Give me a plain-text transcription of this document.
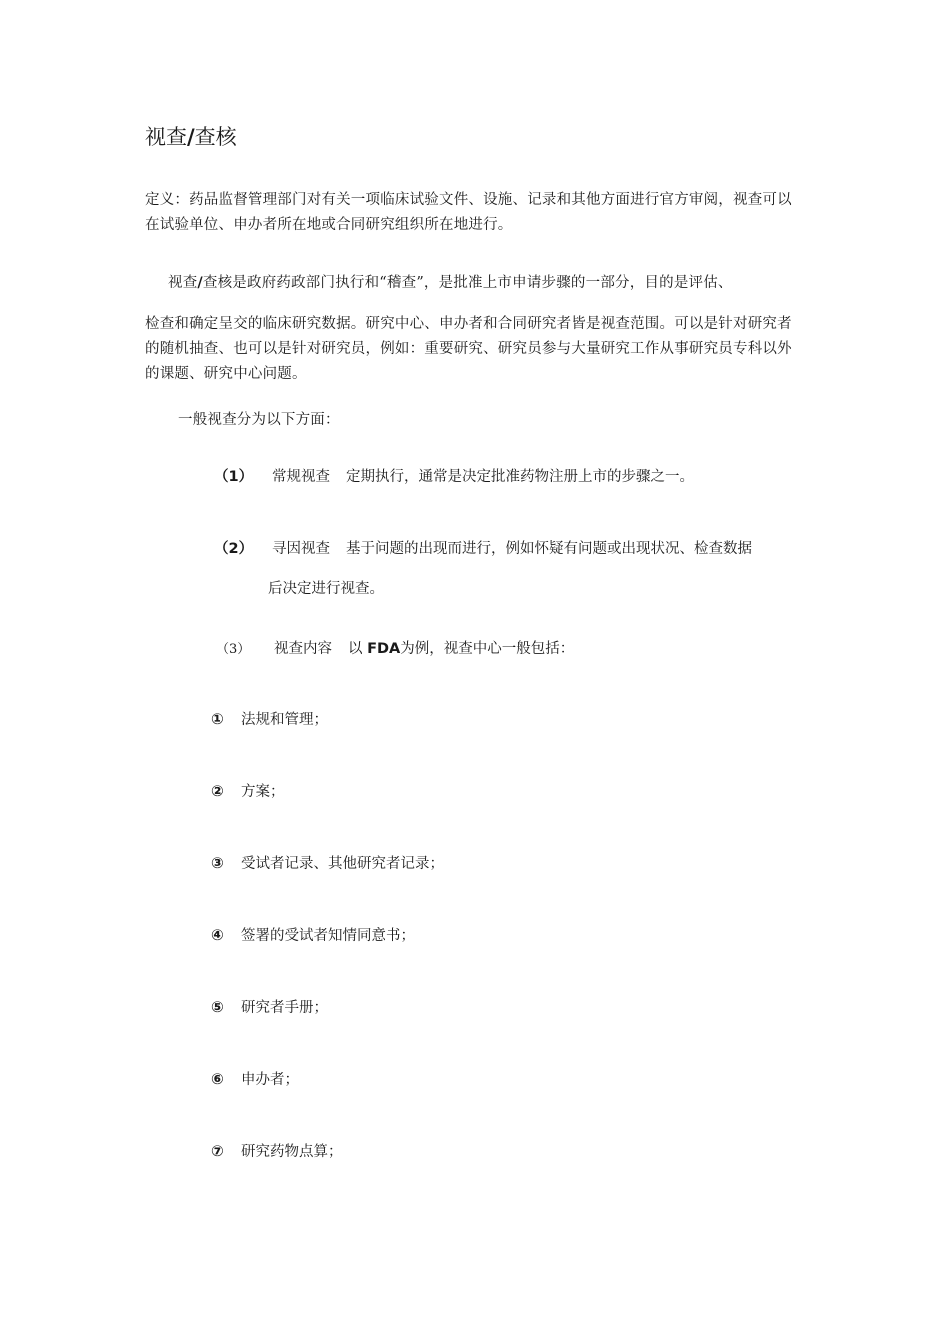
视查/查核
定义：药品监督管理部门对有关一项临床试验文件、设施、记录和其他方面进行官方审阅，视查可以在试验单位、申办者所在地或合同研究组织所在地进行。
视查/查核是政府药政部门执行和“稽查”，是批准上市申请步骤的一部分，目的是评估、
检查和确定呈交的临床研究数据。研究中心、申办者和合同研究者皆是视查范围。可以是针对研究者的随机抽查、也可以是针对研究员，例如：重要研究、研究员参与大量研究工作从事研究员专科以外的课题、研究中心问题。
一般视查分为以下方面：
（1） 常规视查 定期执行，通常是决定批准药物注册上市的步骤之一。
（2） 寻因视查 基于问题的出现而进行，例如怀疑有问题或出现状况、检查数据
后决定进行视查。
（3） 视查内容 以 FDA为例，视查中心一般包括：
① 法规和管理；
② 方案；
③ 受试者记录、其他研究者记录；
④ 签署的受试者知情同意书；
⑤ 研究者手册；
⑥ 申办者；
⑦ 研究药物点算；
